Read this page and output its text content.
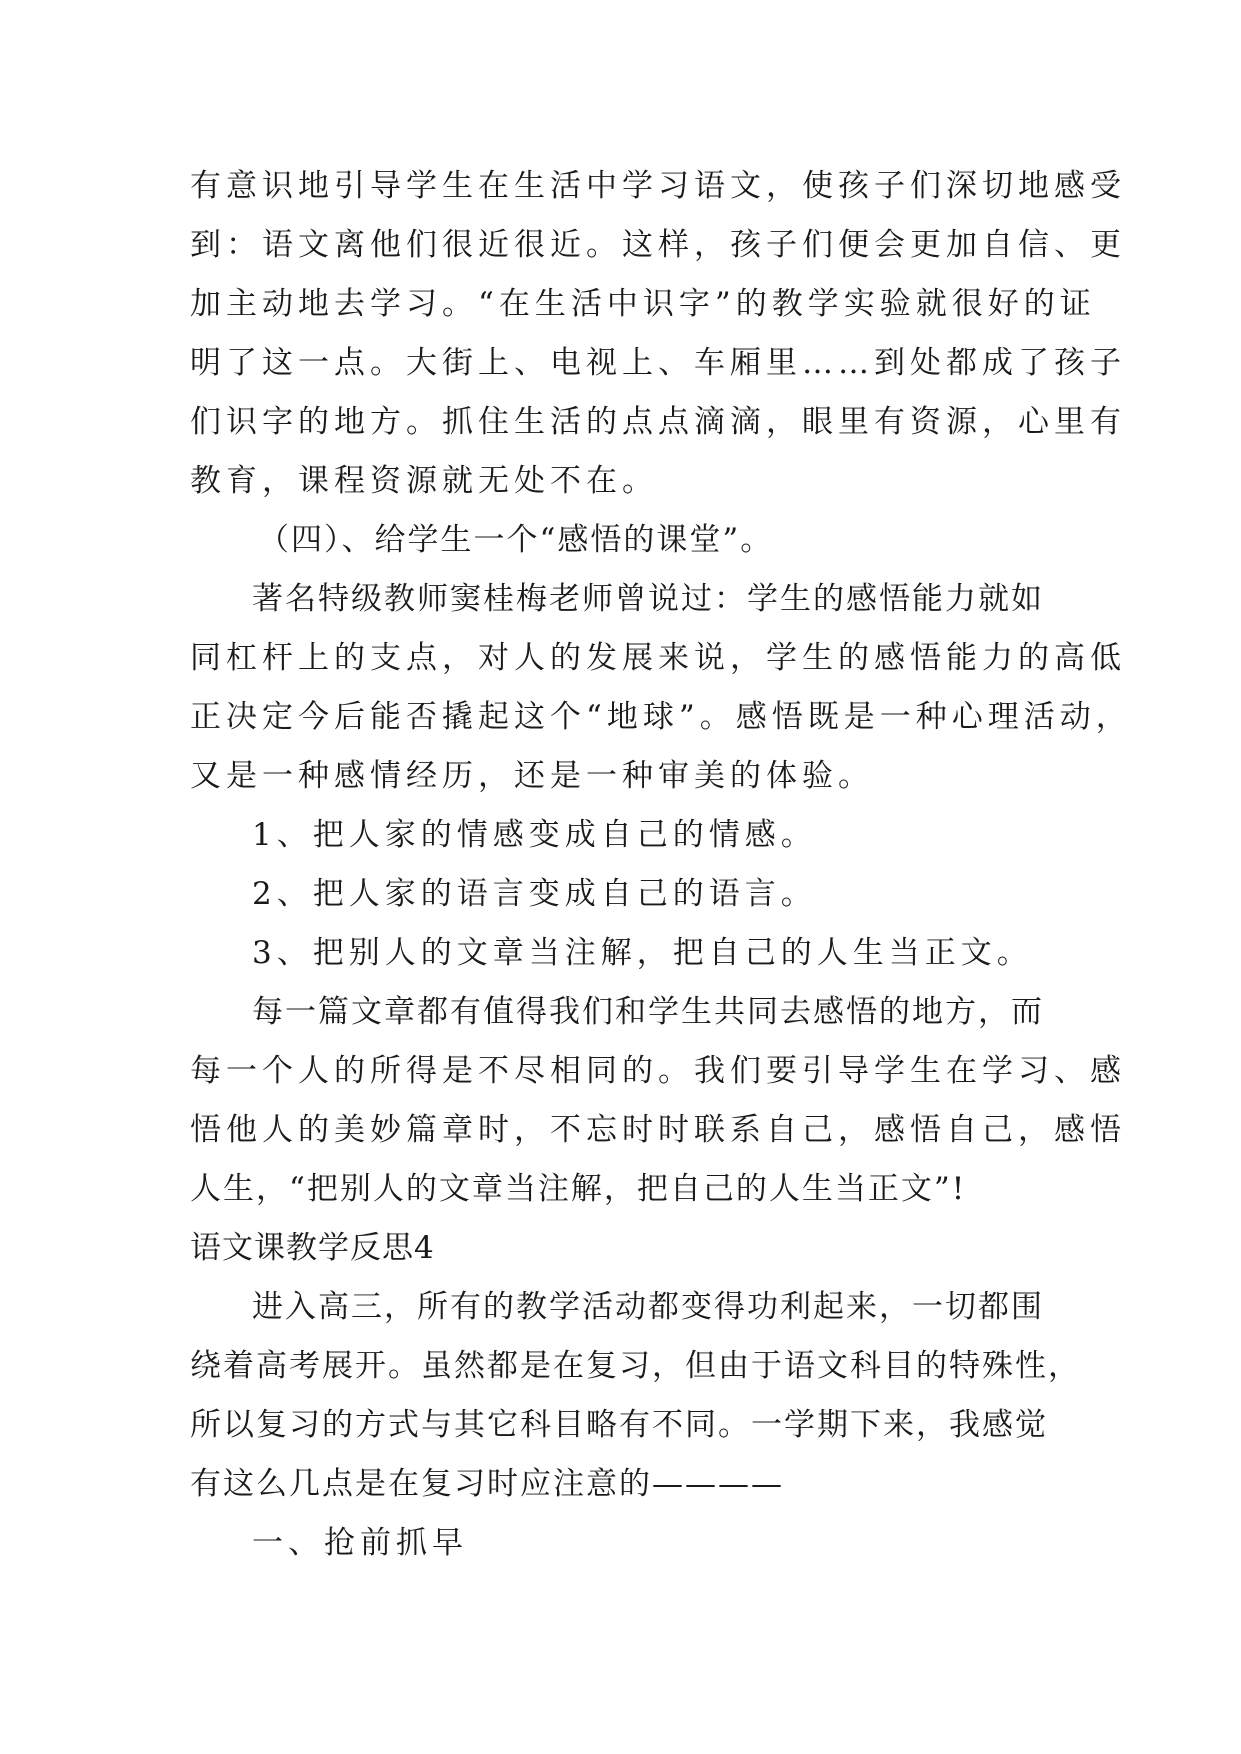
有意识地引导学生在生活中学习语文，使孩子们深切地感受
到：语文离他们很近很近。这样，孩子们便会更加自信、更
加主动地去学习。“在生活中识字”的教学实验就很好的证
明了这一点。大街上、电视上、车厢里……到处都成了孩子
们识字的地方。抓住生活的点点滴滴，眼里有资源，心里有
教育，课程资源就无处不在。
（四）、给学生一个“感悟的课堂”。
著名特级教师窦桂梅老师曾说过：学生的感悟能力就如
同杠杆上的支点，对人的发展来说，学生的感悟能力的高低
正决定今后能否撬起这个“地球”。感悟既是一种心理活动，
又是一种感情经历，还是一种审美的体验。
1、把人家的情感变成自己的情感。
2、把人家的语言变成自己的语言。
3、把别人的文章当注解，把自己的人生当正文。
每一篇文章都有值得我们和学生共同去感悟的地方，而
每一个人的所得是不尽相同的。我们要引导学生在学习、感
悟他人的美妙篇章时，不忘时时联系自己，感悟自己，感悟
人生，“把别人的文章当注解，把自己的人生当正文”!
语文课教学反思4
进入高三，所有的教学活动都变得功利起来，一切都围
绕着高考展开。虽然都是在复习，但由于语文科目的特殊性，
所以复习的方式与其它科目略有不同。一学期下来，我感觉
有这么几点是在复习时应注意的————
一、抢前抓早
